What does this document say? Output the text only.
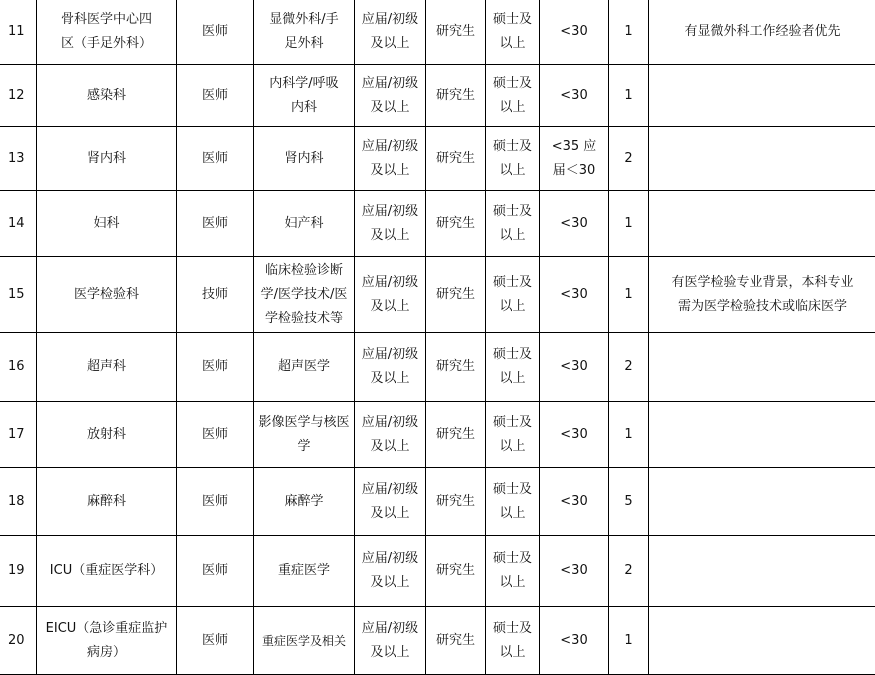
11	骨科医学中心四区（手足外科）	医师	显微外科/手足外科	应届/初级及以上	研究生	硕士及以上	<30	1	有显微外科工作经验者优先
12	感染科	医师	内科学/呼吸内科	应届/初级及以上	研究生	硕士及以上	<30	1	
13	肾内科	医师	肾内科	应届/初级及以上	研究生	硕士及以上	<35 应届＜30	2	
14	妇科	医师	妇产科	应届/初级及以上	研究生	硕士及以上	<30	1	
15	医学检验科	技师	临床检验诊断学/医学技术/医学检验技术等	应届/初级及以上	研究生	硕士及以上	<30	1	有医学检验专业背景，本科专业需为医学检验技术或临床医学
16	超声科	医师	超声医学	应届/初级及以上	研究生	硕士及以上	<30	2	
17	放射科	医师	影像医学与核医学	应届/初级及以上	研究生	硕士及以上	<30	1	
18	麻醉科	医师	麻醉学	应届/初级及以上	研究生	硕士及以上	<30	5	
19	ICU（重症医学科）	医师	重症医学	应届/初级及以上	研究生	硕士及以上	<30	2	
20	EICU（急诊重症监护病房）	医师	重症医学及相关	应届/初级及以上	研究生	硕士及以上	<30	1	
